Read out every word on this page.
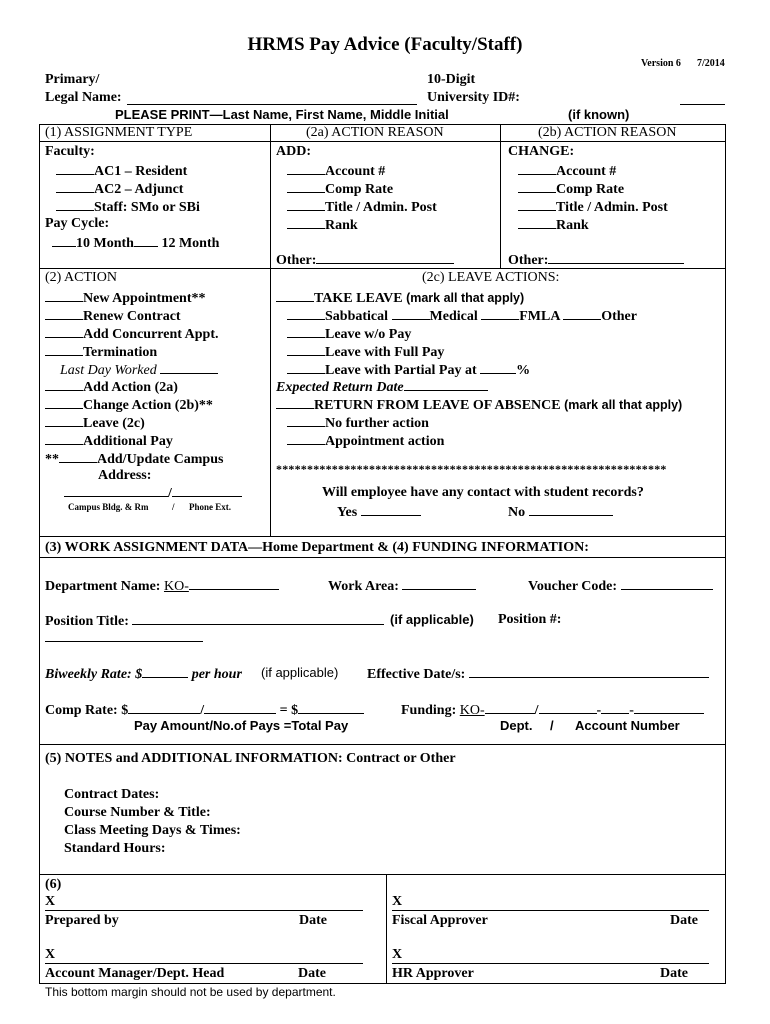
HRMS Pay Advice (Faculty/Staff)
Version 6 7/2014
Primary/
Legal Name:
10-Digit
University ID#:
PLEASE PRINT—Last Name, First Name, Middle Initial	(if known)
(1) ASSIGNMENT TYPE
Faculty:
AC1 – Resident
AC2 – Adjunct
Staff: SMo or SBi
Pay Cycle:
10 Month 12 Month
(2a) ACTION REASON
ADD:
Account #
Comp Rate
Title / Admin. Post
Rank
Other:
(2b) ACTION REASON
CHANGE:
Account #
Comp Rate
Title / Admin. Post
Rank
Other:
(2) ACTION
New Appointment**
Renew Contract
Add Concurrent Appt.
Termination
Last Day Worked
Add Action (2a)
Change Action (2b)**
Leave (2c)
Additional Pay
**	Add/Update Campus
Address:
/
Campus Bldg. & Rm	/ Phone Ext.
(2c) LEAVE ACTIONS:
TAKE LEAVE (mark all that apply)
Sabbatical	Medical	FMLA	Other
Leave w/o Pay
Leave with Full Pay
Leave with Partial Pay at	%
Expected Return Date
RETURN FROM LEAVE OF ABSENCE (mark all that apply)
No further action
Appointment action
***************************************************************
Will employee have any contact with student records?
Yes	No
(3) WORK ASSIGNMENT DATA—Home Department & (4) FUNDING INFORMATION:
Department Name: KO-	Work Area:	Voucher Code:
Position Title:	(if applicable) Position #:
Biweekly Rate: $	per hour (if applicable) Effective Date/s:
Comp Rate: $	/	= $	Funding: KO-	/	- -
Pay Amount/No.of Pays =Total Pay	Dept. / Account Number
(5) NOTES and ADDITIONAL INFORMATION: Contract or Other
Contract Dates:
Course Number & Title:
Class Meeting Days & Times:
Standard Hours:
(6)
X
Prepared by	Date
X
Fiscal Approver	Date
X
Account Manager/Dept. Head	Date
X
HR Approver	Date
This bottom margin should not be used by department.
